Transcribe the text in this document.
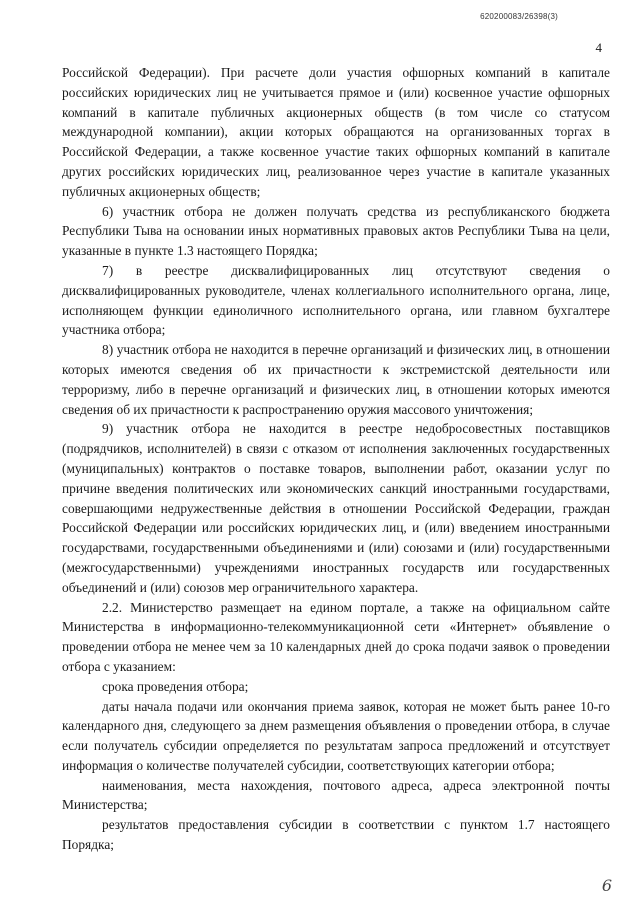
620200083/26398(3)
4

Российской Федерации). При расчете доли участия офшорных компаний в капитале российских юридических лиц не учитывается прямое и (или) косвенное участие офшорных компаний в капитале публичных акционерных обществ (в том числе со статусом международной компании), акции которых обращаются на организованных торгах в Российской Федерации, а также косвенное участие таких офшорных компаний в капитале других российских юридических лиц, реализованное через участие в капитале указанных публичных акционерных обществ;

6) участник отбора не должен получать средства из республиканского бюджета Республики Тыва на основании иных нормативных правовых актов Республики Тыва на цели, указанные в пункте 1.3 настоящего Порядка;

7) в реестре дисквалифицированных лиц отсутствуют сведения о дисквалифицированных руководителе, членах коллегиального исполнительного органа, лице, исполняющем функции единоличного исполнительного органа, или главном бухгалтере участника отбора;

8) участник отбора не находится в перечне организаций и физических лиц, в отношении которых имеются сведения об их причастности к экстремистской деятельности или терроризму, либо в перечне организаций и физических лиц, в отношении которых имеются сведения об их причастности к распространению оружия массового уничтожения;

9) участник отбора не находится в реестре недобросовестных поставщиков (подрядчиков, исполнителей) в связи с отказом от исполнения заключенных государственных (муниципальных) контрактов о поставке товаров, выполнении работ, оказании услуг по причине введения политических или экономических санкций иностранными государствами, совершающими недружественные действия в отношении Российской Федерации, граждан Российской Федерации или российских юридических лиц, и (или) введением иностранными государствами, государственными объединениями и (или) союзами и (или) государственными (межгосударственными) учреждениями иностранных государств или государственных объединений и (или) союзов мер ограничительного характера.

2.2. Министерство размещает на едином портале, а также на официальном сайте Министерства в информационно-телекоммуникационной сети «Интернет» объявление о проведении отбора не менее чем за 10 календарных дней до срока подачи заявок о проведении отбора с указанием:

срока проведения отбора;

даты начала подачи или окончания приема заявок, которая не может быть ранее 10-го календарного дня, следующего за днем размещения объявления о проведении отбора, в случае если получатель субсидии определяется по результатам запроса предложений и отсутствует информация о количестве получателей субсидии, соответствующих категории отбора;

наименования, места нахождения, почтового адреса, адреса электронной почты Министерства;

результатов предоставления субсидии в соответствии с пунктом 1.7 настоящего Порядка;

6
